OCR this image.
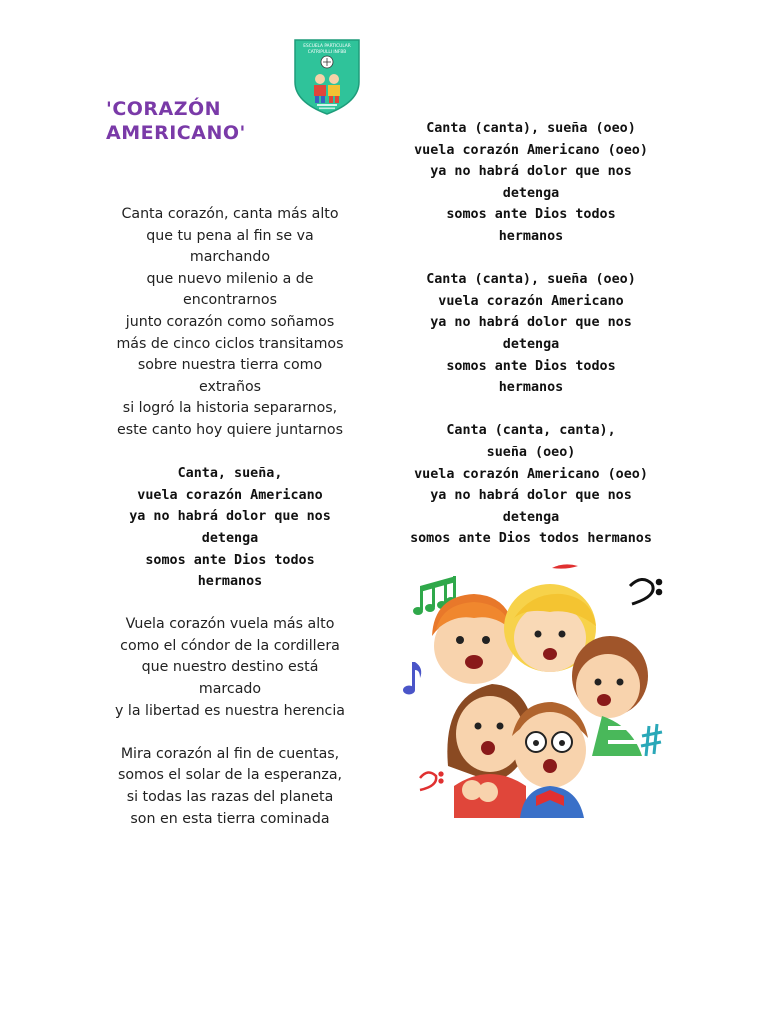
ESCUELA PARTICULAR
CATRIPULLI INFBB
'CORAZÓN
AMERICANO'
Canta corazón, canta más alto
que tu pena al fin se va
marchando
que nuevo milenio a de
encontrarnos
junto corazón como soñamos
más de cinco ciclos transitamos
sobre nuestra tierra como
extraños
si logró la historia separarnos,
este canto hoy quiere juntarnos
Canta, sueña,
vuela corazón Americano
ya no habrá dolor que nos
detenga
somos ante Dios todos
hermanos
Vuela corazón vuela más alto
como el cóndor de la cordillera
que nuestro destino está
marcado
y la libertad es nuestra herencia
Mira corazón al fin de cuentas,
somos el solar de la esperanza,
si todas las razas del planeta
son en esta tierra cominada
Canta (canta), sueña (oeo)
vuela corazón Americano (oeo)
ya no habrá dolor que nos
detenga
somos ante Dios todos
hermanos
Canta (canta), sueña (oeo)
vuela corazón Americano
ya no habrá dolor que nos
detenga
somos ante Dios todos
hermanos
Canta (canta, canta),
sueña (oeo)
vuela corazón Americano (oeo)
ya no habrá dolor que nos
detenga
somos ante Dios todos hermanos
